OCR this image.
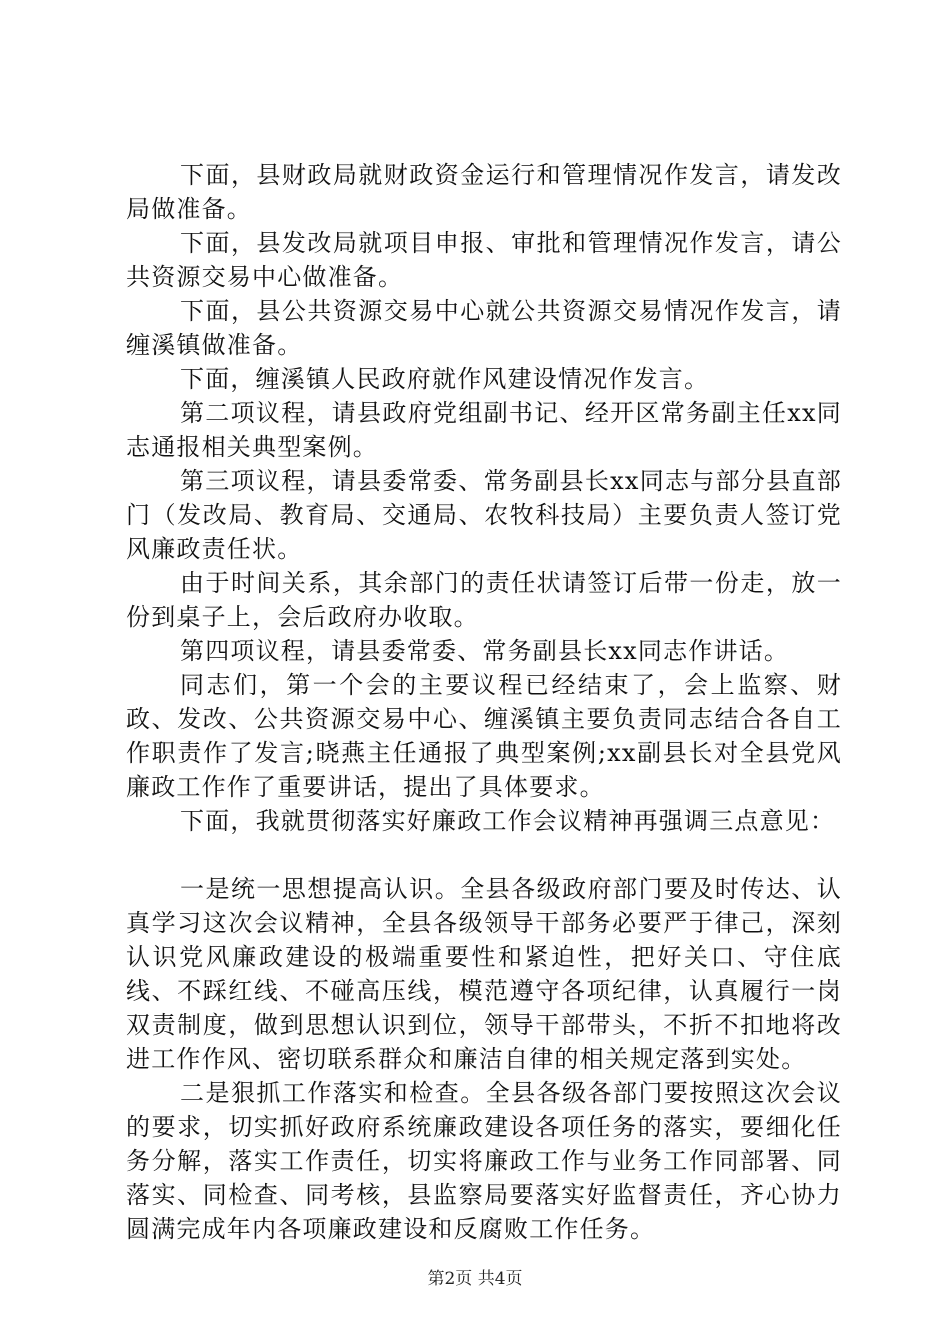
下面，县财政局就财政资金运行和管理情况作发言，请发改局做准备。

下面，县发改局就项目申报、审批和管理情况作发言，请公共资源交易中心做准备。

下面，县公共资源交易中心就公共资源交易情况作发言，请缠溪镇做准备。

下面，缠溪镇人民政府就作风建设情况作发言。

第二项议程，请县政府党组副书记、经开区常务副主任xx同志通报相关典型案例。

第三项议程，请县委常委、常务副县长xx同志与部分县直部门（发改局、教育局、交通局、农牧科技局）主要负责人签订党风廉政责任状。

由于时间关系，其余部门的责任状请签订后带一份走，放一份到桌子上，会后政府办收取。

第四项议程，请县委常委、常务副县长xx同志作讲话。

同志们，第一个会的主要议程已经结束了，会上监察、财政、发改、公共资源交易中心、缠溪镇主要负责同志结合各自工作职责作了发言;晓燕主任通报了典型案例;xx副县长对全县党风廉政工作作了重要讲话，提出了具体要求。

下面，我就贯彻落实好廉政工作会议精神再强调三点意见：

一是统一思想提高认识。全县各级政府部门要及时传达、认真学习这次会议精神，全县各级领导干部务必要严于律己，深刻认识党风廉政建设的极端重要性和紧迫性，把好关口、守住底线、不踩红线、不碰高压线，模范遵守各项纪律，认真履行一岗双责制度，做到思想认识到位，领导干部带头，不折不扣地将改进工作作风、密切联系群众和廉洁自律的相关规定落到实处。

二是狠抓工作落实和检查。全县各级各部门要按照这次会议的要求，切实抓好政府系统廉政建设各项任务的落实，要细化任务分解，落实工作责任，切实将廉政工作与业务工作同部署、同落实、同检查、同考核，县监察局要落实好监督责任，齐心协力圆满完成年内各项廉政建设和反腐败工作任务。

第2页 共4页
